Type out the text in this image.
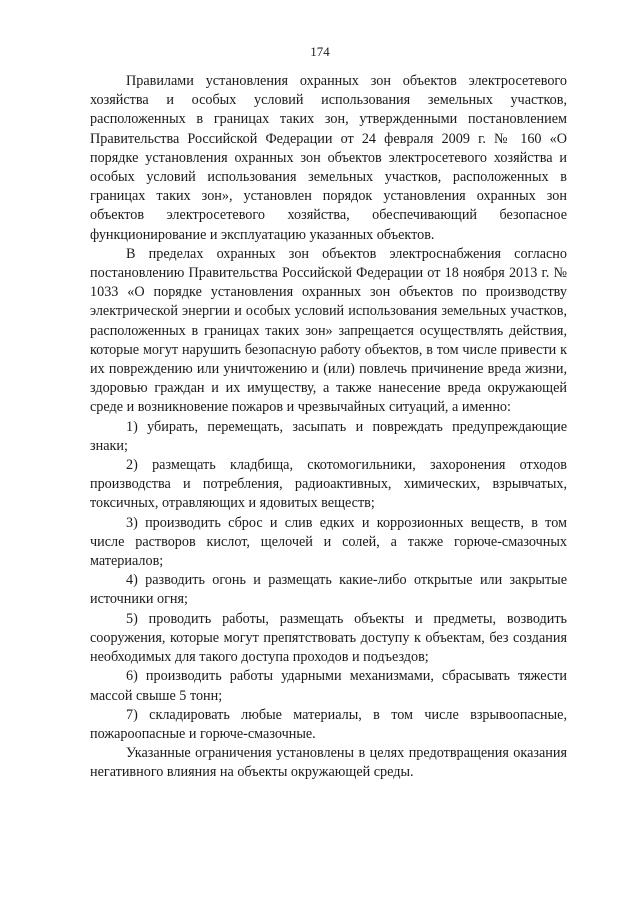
174

Правилами установления охранных зон объектов электросетевого хозяйства и особых условий использования земельных участков, расположенных в границах таких зон, утвержденными постановлением Правительства Российской Федерации от 24 февраля 2009 г. № 160 «О порядке установления охранных зон объектов электросетевого хозяйства и особых условий использования земельных участков, расположенных в границах таких зон», установлен порядок установления охранных зон объектов электросетевого хозяйства, обеспечивающий безопасное функционирование и эксплуатацию указанных объектов.

В пределах охранных зон объектов электроснабжения согласно постановлению Правительства Российской Федерации от 18 ноября 2013 г. № 1033 «О порядке установления охранных зон объектов по производству электрической энергии и особых условий использования земельных участков, расположенных в границах таких зон» запрещается осуществлять действия, которые могут нарушить безопасную работу объектов, в том числе привести к их повреждению или уничтожению и (или) повлечь причинение вреда жизни, здоровью граждан и их имуществу, а также нанесение вреда окружающей среде и возникновение пожаров и чрезвычайных ситуаций, а именно:

1) убирать, перемещать, засыпать и повреждать предупреждающие знаки;

2) размещать кладбища, скотомогильники, захоронения отходов производства и потребления, радиоактивных, химических, взрывчатых, токсичных, отравляющих и ядовитых веществ;

3) производить сброс и слив едких и коррозионных веществ, в том числе растворов кислот, щелочей и солей, а также горюче-смазочных материалов;

4) разводить огонь и размещать какие-либо открытые или закрытые источники огня;

5) проводить работы, размещать объекты и предметы, возводить сооружения, которые могут препятствовать доступу к объектам, без создания необходимых для такого доступа проходов и подъездов;

6) производить работы ударными механизмами, сбрасывать тяжести массой свыше 5 тонн;

7) складировать любые материалы, в том числе взрывоопасные, пожароопасные и горюче-смазочные.

Указанные ограничения установлены в целях предотвращения оказания негативного влияния на объекты окружающей среды.
